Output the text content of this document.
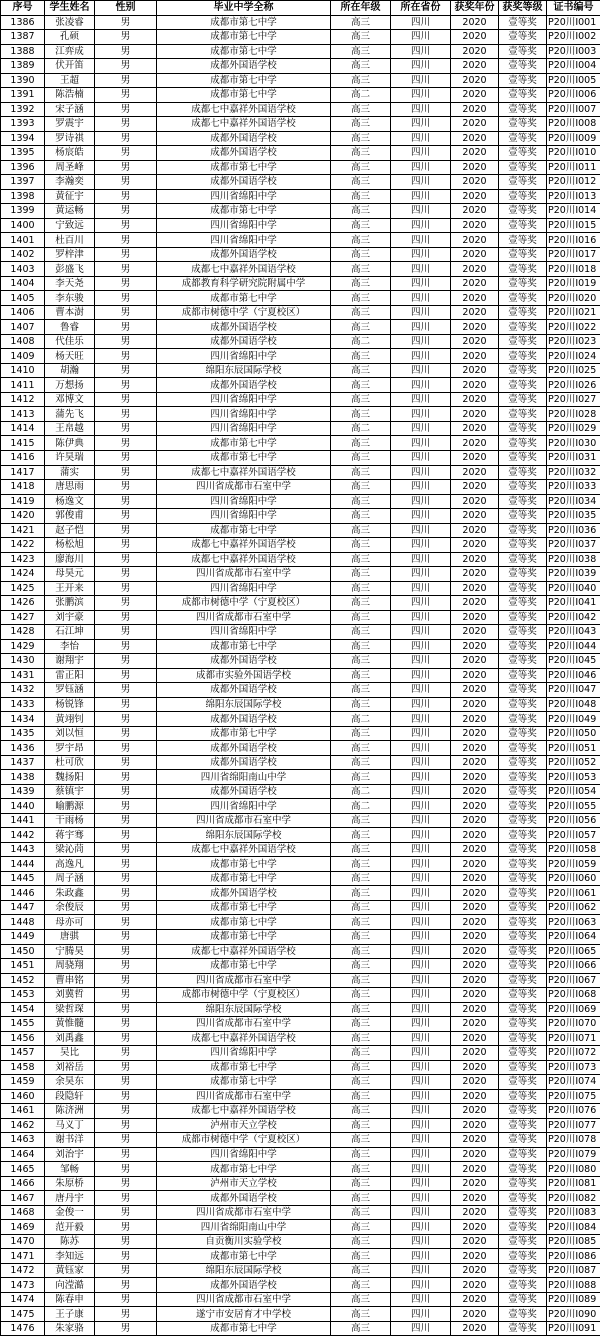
序号	学生姓名	性别	毕业中学全称	所在年级	所在省份	获奖年份	获奖等级	证书编号
1386	张凌睿	男	成都市第七中学	高三	四川	2020	壹等奖	P20川I001
1387	孔硕	男	成都市第七中学	高三	四川	2020	壹等奖	P20川I002
1388	江弈成	男	成都市第七中学	高三	四川	2020	壹等奖	P20川I003
1389	伏开笛	男	成都外国语学校	高三	四川	2020	壹等奖	P20川I004
1390	王超	男	成都市第七中学	高三	四川	2020	壹等奖	P20川I005
1391	陈浩楠	男	成都市第七中学	高二	四川	2020	壹等奖	P20川I006
1392	宋子涵	男	成都七中嘉祥外国语学校	高三	四川	2020	壹等奖	P20川I007
1393	罗震宇	男	成都七中嘉祥外国语学校	高三	四川	2020	壹等奖	P20川I008
1394	罗诗祺	男	成都外国语学校	高三	四川	2020	壹等奖	P20川I009
1395	杨宸皓	男	成都外国语学校	高三	四川	2020	壹等奖	P20川I010
1396	周圣峰	男	成都市第七中学	高三	四川	2020	壹等奖	P20川I011
1397	李瀚奕	男	成都外国语学校	高三	四川	2020	壹等奖	P20川I012
1398	黄征宇	男	四川省绵阳中学	高三	四川	2020	壹等奖	P20川I013
1399	黄运畅	男	成都市第七中学	高三	四川	2020	壹等奖	P20川I014
1400	宁致远	男	四川省绵阳中学	高三	四川	2020	壹等奖	P20川I015
1401	杜百川	男	四川省绵阳中学	高三	四川	2020	壹等奖	P20川I016
1402	罗梓津	男	成都外国语学校	高三	四川	2020	壹等奖	P20川I017
1403	彭盛飞	男	成都七中嘉祥外国语学校	高三	四川	2020	壹等奖	P20川I018
1404	李天尧	男	成都教育科学研究院附属中学	高三	四川	2020	壹等奖	P20川I019
1405	李东骏	男	成都市第七中学	高三	四川	2020	壹等奖	P20川I020
1406	曹本澍	男	成都市树德中学（宁夏校区）	高三	四川	2020	壹等奖	P20川I021
1407	鲁睿	男	成都外国语学校	高三	四川	2020	壹等奖	P20川I022
1408	代佳乐	男	成都外国语学校	高二	四川	2020	壹等奖	P20川I023
1409	杨天旺	男	四川省绵阳中学	高三	四川	2020	壹等奖	P20川I024
1410	胡瀚	男	绵阳东辰国际学校	高三	四川	2020	壹等奖	P20川I025
1411	万想扬	男	成都外国语学校	高三	四川	2020	壹等奖	P20川I026
1412	邓博文	男	四川省绵阳中学	高三	四川	2020	壹等奖	P20川I027
1413	蒲先飞	男	四川省绵阳中学	高三	四川	2020	壹等奖	P20川I028
1414	王帛越	男	四川省绵阳中学	高二	四川	2020	壹等奖	P20川I029
1415	陈伊典	男	成都市第七中学	高三	四川	2020	壹等奖	P20川I030
1416	许昊瑞	男	成都市第七中学	高三	四川	2020	壹等奖	P20川I031
1417	蒲实	男	成都七中嘉祥外国语学校	高三	四川	2020	壹等奖	P20川I032
1418	唐思雨	男	四川省成都市石室中学	高三	四川	2020	壹等奖	P20川I033
1419	杨逸文	男	四川省绵阳中学	高三	四川	2020	壹等奖	P20川I034
1420	郭俊甫	男	四川省绵阳中学	高三	四川	2020	壹等奖	P20川I035
1421	赵子恺	男	成都市第七中学	高三	四川	2020	壹等奖	P20川I036
1422	杨松旭	男	成都七中嘉祥外国语学校	高三	四川	2020	壹等奖	P20川I037
1423	廖海川	男	成都七中嘉祥外国语学校	高三	四川	2020	壹等奖	P20川I038
1424	母昊元	男	四川省成都市石室中学	高三	四川	2020	壹等奖	P20川I039
1425	王开来	男	四川省绵阳中学	高三	四川	2020	壹等奖	P20川I040
1426	张鹏滨	男	成都市树德中学（宁夏校区）	高三	四川	2020	壹等奖	P20川I041
1427	刘宇豪	男	四川省成都市石室中学	高三	四川	2020	壹等奖	P20川I042
1428	石江坤	男	四川省绵阳中学	高三	四川	2020	壹等奖	P20川I043
1429	李怡	男	成都市第七中学	高三	四川	2020	壹等奖	P20川I044
1430	谢翔宇	男	成都外国语学校	高三	四川	2020	壹等奖	P20川I045
1431	雷正阳	男	成都市实验外国语学校	高三	四川	2020	壹等奖	P20川I046
1432	罗钰涵	男	成都外国语学校	高三	四川	2020	壹等奖	P20川I047
1433	杨锐锋	男	绵阳东辰国际学校	高三	四川	2020	壹等奖	P20川I048
1434	黄翊钊	男	成都外国语学校	高二	四川	2020	壹等奖	P20川I049
1435	刘以恒	男	成都市第七中学	高三	四川	2020	壹等奖	P20川I050
1436	罗宇昂	男	成都外国语学校	高三	四川	2020	壹等奖	P20川I051
1437	杜可欣	男	成都外国语学校	高三	四川	2020	壹等奖	P20川I052
1438	魏扬阳	男	四川省绵阳南山中学	高三	四川	2020	壹等奖	P20川I053
1439	蔡镇宇	男	成都外国语学校	高二	四川	2020	壹等奖	P20川I054
1440	喻鹏源	男	四川省绵阳中学	高二	四川	2020	壹等奖	P20川I055
1441	干雨杨	男	四川省成都市石室中学	高三	四川	2020	壹等奖	P20川I056
1442	蒋宇骞	男	绵阳东辰国际学校	高三	四川	2020	壹等奖	P20川I057
1443	梁沁茼	男	成都七中嘉祥外国语学校	高三	四川	2020	壹等奖	P20川I058
1444	高逸凡	男	成都市第七中学	高三	四川	2020	壹等奖	P20川I059
1445	周子涵	男	成都市第七中学	高三	四川	2020	壹等奖	P20川I060
1446	朱政鑫	男	成都外国语学校	高三	四川	2020	壹等奖	P20川I061
1447	余俊辰	男	成都市第七中学	高三	四川	2020	壹等奖	P20川I062
1448	母亦可	男	成都市第七中学	高三	四川	2020	壹等奖	P20川I063
1449	唐骐	男	成都市第七中学	高三	四川	2020	壹等奖	P20川I064
1450	宁腾昊	男	成都七中嘉祥外国语学校	高三	四川	2020	壹等奖	P20川I065
1451	周骁翔	男	成都市第七中学	高三	四川	2020	壹等奖	P20川I066
1452	曹串铭	男	四川省成都市石室中学	高三	四川	2020	壹等奖	P20川I067
1453	刘冀哲	男	成都市树德中学（宁夏校区）	高三	四川	2020	壹等奖	P20川I068
1454	梁哲琛	男	绵阳东辰国际学校	高三	四川	2020	壹等奖	P20川I069
1455	黄惟髓	男	四川省成都市石室中学	高三	四川	2020	壹等奖	P20川I070
1456	刘禹鑫	男	成都七中嘉祥外国语学校	高三	四川	2020	壹等奖	P20川I071
1457	吴比	男	四川省绵阳中学	高三	四川	2020	壹等奖	P20川I072
1458	刘裕岳	男	成都市第七中学	高三	四川	2020	壹等奖	P20川I073
1459	余昊东	男	成都市第七中学	高三	四川	2020	壹等奖	P20川I074
1460	段隐轩	男	四川省成都市石室中学	高三	四川	2020	壹等奖	P20川I075
1461	陈济洲	男	成都七中嘉祥外国语学校	高三	四川	2020	壹等奖	P20川I076
1462	马义丁	男	泸州市天立学校	高三	四川	2020	壹等奖	P20川I077
1463	谢书洋	男	成都市树德中学（宁夏校区）	高三	四川	2020	壹等奖	P20川I078
1464	刘治宇	男	四川省绵阳中学	高三	四川	2020	壹等奖	P20川I079
1465	邹畅	男	成都市第七中学	高三	四川	2020	壹等奖	P20川I080
1466	朱原桥	男	泸州市天立学校	高三	四川	2020	壹等奖	P20川I081
1467	唐丹宇	男	成都外国语学校	高三	四川	2020	壹等奖	P20川I082
1468	金俊一	男	四川省成都市石室中学	高三	四川	2020	壹等奖	P20川I083
1469	范开毅	男	四川省绵阳南山中学	高三	四川	2020	壹等奖	P20川I084
1470	陈苏	男	自贡衡川实验学校	高三	四川	2020	壹等奖	P20川I085
1471	李知远	男	成都市第七中学	高三	四川	2020	壹等奖	P20川I086
1472	黄钰家	男	绵阳东辰国际学校	高三	四川	2020	壹等奖	P20川I087
1473	向滢澔	男	成都外国语学校	高三	四川	2020	壹等奖	P20川I088
1474	陈春申	男	四川省成都市石室中学	高三	四川	2020	壹等奖	P20川I089
1475	王子康	男	遂宁市安居育才中学校	高三	四川	2020	壹等奖	P20川I090
1476	朱家骆	男	成都市第七中学	高三	四川	2020	壹等奖	P20川I091
